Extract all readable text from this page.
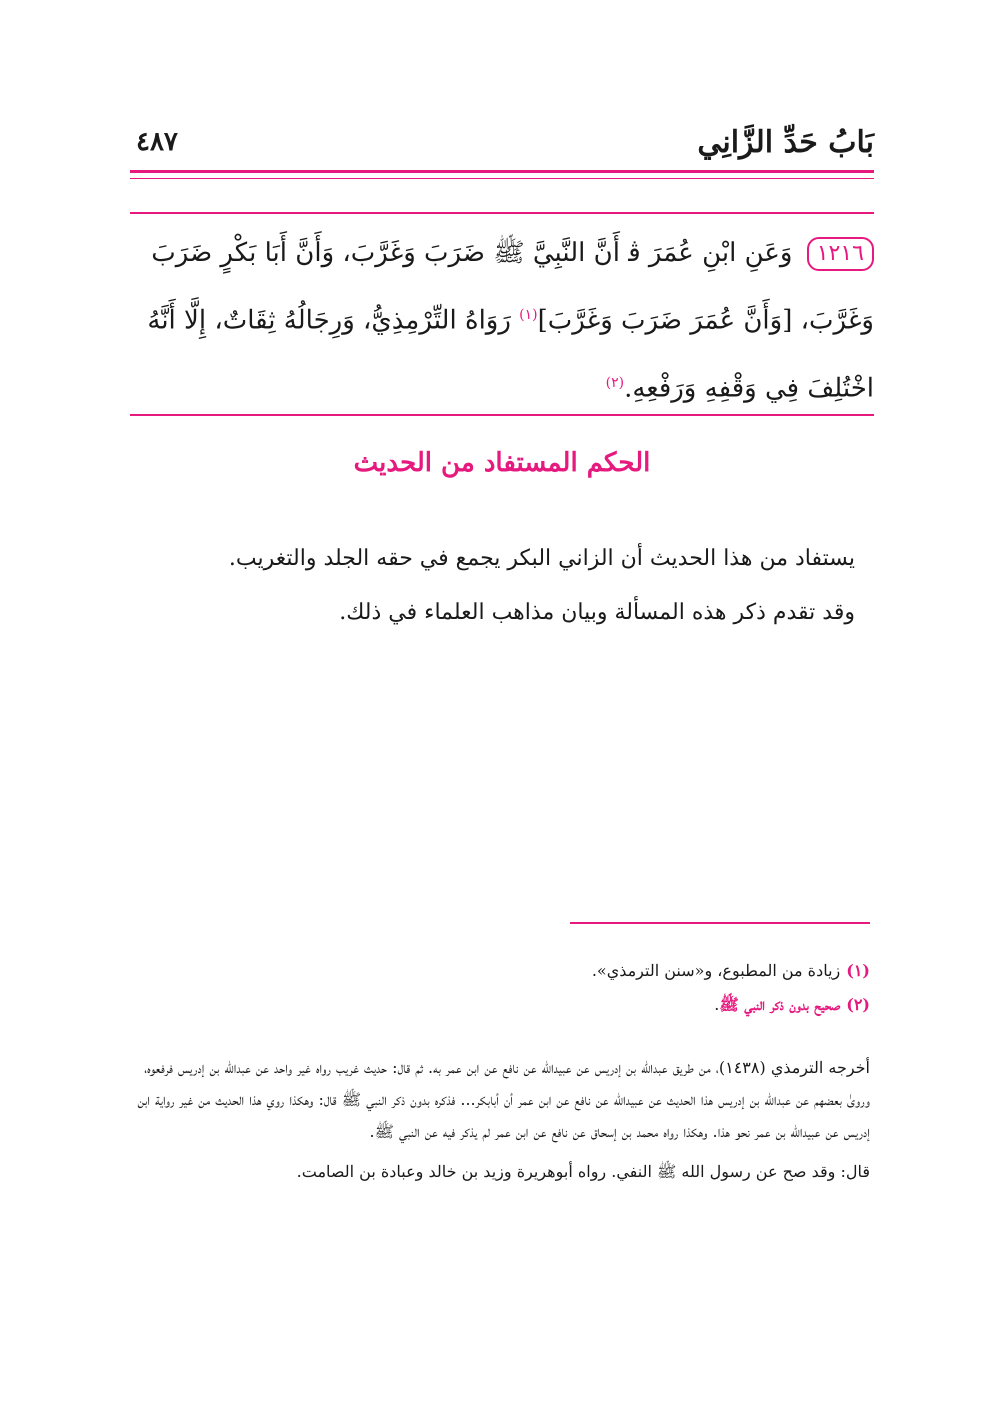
بَابُ حَدِّ الزَّانِي
٤٨٧

١٢١٦ وَعَنِ ابْنِ عُمَرَ ﭬ أَنَّ النَّبِيَّ ﷺ ضَرَبَ وَغَرَّبَ، وَأَنَّ أَبَا بَكْرٍ ضَرَبَ وَغَرَّبَ، [وَأَنَّ عُمَرَ ضَرَبَ وَغَرَّبَ]$^{(١)}$ رَوَاهُ التِّرْمِذِيُّ، وَرِجَالُهُ ثِقَاتٌ، إِلَّا أَنَّهُ اخْتُلِفَ فِي وَقْفِهِ وَرَفْعِهِ.$^{(٢)}$

الحكم المستفاد من الحديث

يستفاد من هذا الحديث أن الزاني البكر يجمع في حقه الجلد والتغريب.

وقد تقدم ذكر هذه المسألة وبيان مذاهب العلماء في ذلك.

(١)زيادة من المطبوع، و«سنن الترمذي».

(٢)صحيح بدون ذكر النبي ﷺ.

أخرجه الترمذي (١٤٣٨)، من طريق عبدالله بن إدريس عن عبيدالله عن نافع عن ابن عمر به. ثم قال: حديث غريب رواه غير واحد عن عبدالله بن إدريس فرفعوه، وروىٰ بعضهم عن عبدالله بن إدريس هذا الحديث عن عبيدالله عن نافع عن ابن عمر أن أبابكر... فذكره بدون ذكر النبي ﷺ قال: وهكذا روي هذا الحديث من غير رواية ابن إدريس عن عبيدالله بن عمر نحو هذا. وهكذا رواه محمد بن إسحاق عن نافع عن ابن عمر لم يذكر فيه عن النبي ﷺ.

قال: وقد صح عن رسول الله ﷺ النفي. رواه أبوهريرة وزيد بن خالد وعبادة بن الصامت.
